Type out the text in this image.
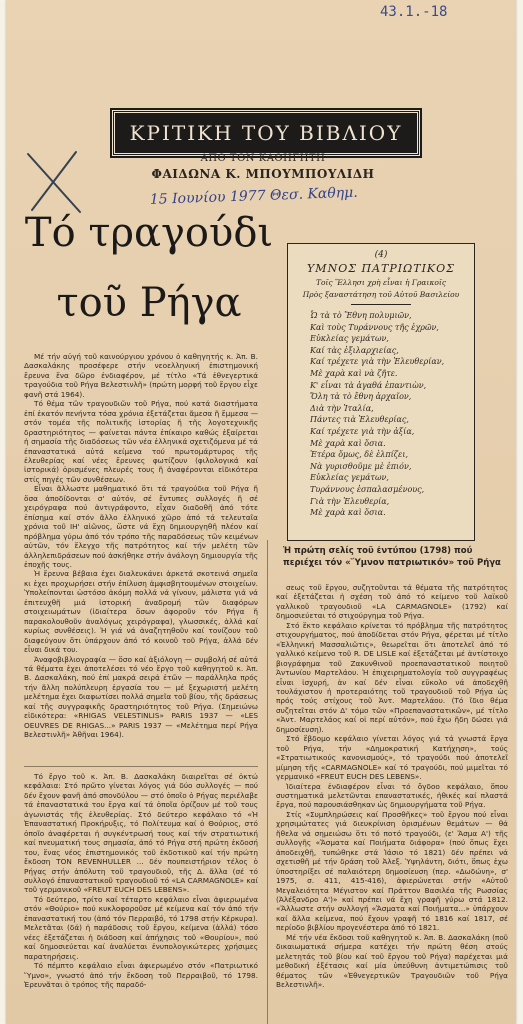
43.1.-18
ΚΡΙΤΙΚΗ ΤΟΥ ΒΙΒΛΙΟΥ
ΑΠΟ ΤΟΝ ΚΑΘΗΓΗΤΗ
ΦΑΙΔΩΝΑ Κ. ΜΠΟΥΜΠΟΥΛΙΔΗ
15 Ιουνίου 1977 Θεσ. Καθημ.
Τό τραγούδι
τοῦ Ρήγα
(4)
ΥΜΝΟΣ ΠΑΤΡΙΩΤΙΚΟΣ
Τοῖς Ἕλλησι χρὴ εἶναι ἡ Γραικοῖς
Πρὸς ξαναστάτηση τοῦ Αὐτοῦ Βασιλείου
Ὦ τὰ τὸ Ἔθνη πολυμιῶν,
Καὶ τοὺς Τυράννους τῆς ἐχρῶν,
Εὐκλείας γεμάτων,
Καί τὰς ἐξιλαρχιείας,
Καί τρέχετε γιὰ τὴν Ἐλευθερίαν,
Μὲ χαρὰ καὶ νὰ ζῆτε.
Κ' εἶναι τὰ ἀγαθά ἐπαντιὼν,
Ὅλη τὰ τὸ ἔθνη ἀρχαῖον,
Διὰ τὴν Ἰταλία,
Πάντες τιὰ Ἐλευθερίας,
Καί τρέχετε γιὰ τὴν ἀξία,
Μὲ χαρὰ καὶ ὅσια.
Ἐτέρα ὅμως, δὲ ἐλπίζει,
Νὰ γυρισθοῦμε μὲ ἐπιόν,
Εὐκλείας γεμάτων,
Τυράννους ἐσπαλασμένους,
Γιὰ τὴν Ἐλευθερία,
Μὲ χαρὰ καὶ ὅσια.
Ἡ πρώτη σελίς τοῦ ἐντύπου (1798) πού περιέχει τόν «Ὕμνον πατριωτικόν» τοῦ Ρήγα

Μέ τήν αὐγή τοῦ καινούργιου χρόνου ὁ καθηγητής κ. Ἀπ. Β. Δασκαλάκης προσέφερε στήν νεοελληνική ἐπιστημονική ἔρευνα ἕνα δῶρο ἐνδιαφέρον, μέ τίτλο «Τά ἐθνεγερτικά τραγούδια τοῦ Ρήγα Βελεστινλῆ» (πρώτη μορφή τοῦ ἔργου εἶχε φανῆ στά 1964).

Τό θέμα τῶν τραγουδιῶν τοῦ Ρήγα, πού κατά διαστήματα ἐπί ἑκατόν πενήντα τόσα χρόνια ἐξετάζεται ἄμεσα ἤ ἔμμεσα — στόν τομέα τῆς πολιτικῆς ἱστορίας ἤ τῆς λογοτεχνικῆς δραστηριότητος — φαίνεται πάντα ἐπίκαιρο καθώς ἐξαίρεται ἡ σημασία τῆς διαδόσεως τῶν νέα ἐλληνικά σχετιζόμενα μέ τά ἐπαναστατικά αὐτά κείμενα τού πρωτομάρτυρος τῆς ἐλευθερίας καί νέες ἔρευνες φωτίζουν (φιλολογικά καί ἱστορικά) ὁρισμένες πλευρές τους ἤ ἀναφέρονται εἰδικότερα στίς πηγές τῶν συνθέσεων.

Εἶναι ἄλλωστε μαθηματικό ὅτι τά τραγούδια τοῦ Ρήγα ἤ ὅσα ἀποδίδονται σ' αὐτόν, σέ ἔντυπες συλλογές ἤ σέ χειρόγραφα πού ἀντιγράφοντο, εἶχαν διαδοθῆ ἀπό τότε ἐπίσημα καί στόν ἄλλο ἑλληνικό χῶρο ἀπό τά τελευταῖα χρόνια τοῦ ΙΗ' αἰῶνος, ὥστε νά ἔχη δημιουργηθῆ πλέον καί πρόβλημα γύρω ἀπό τόν τρόπο τῆς παραδόσεως τῶν κειμένων αὐτῶν, τόν ἔλεγχο τῆς πατρότητος καί τήν μελέτη τῶν ἀλληλεπιδράσεων πού ἀσκήθηκε στήν ἀνάλογη δημιουργία τῆς ἐποχῆς τους.

Ἡ ἔρευνα βέβαια ἐχει διαλευκάνει ἀρκετά σκοτεινά σημεῖα κι ἐχει προχωρήσει στήν ἐπίλυση ἀμφισβητουμένων στοιχείων. Ὑπολείπονται ὡστόσο ἀκόμη πολλά νά γίνουν, μάλιστα γιά νά ἐπιτευχθῆ μιά ἱστορική ἀναδρομή τῶν διαφόρων στοιχειωμάτων (ἰδιαίτερα ὅσων ἀφοροῦν τόν Ρήγα ἤ παρακολουθοῦν ἀναλόγως χειρόγραφα), γλωσσικές, ἀλλά καί κυρίως συνθέσεις). Ἡ γιά νά ἀναζητηθοῦν καί τονίζουν τοῦ διαφεύγουν ὅτι ὑπάρχουν ἀπό τό κοινοῦ τοῦ Ρήγα, ἀλλά δέν εἶναι δικά του.

Ἀναφοβιβλιογραφία — ὅσο καί ἀξιόλογη — συμβολή σέ αὐτά τά θέματα ἐχει ἀποτελέσει τό νέο ἔργο τοῦ καθηγητοῦ κ. Ἀπ. Β. Δασκαλάκη, πού ἐπί μακρά σειρά ἐτῶν — παράλληλα πρός τήν ἄλλη πολύπλευρη ἐργασία του — μέ ξεχωριστή μελέτη μελέτημα ἐχει διαφωτίσει πολλά σημεῖα τοῦ βίου, τῆς δράσεως καί τῆς συγγραφικῆς δραστηριότητος τοῦ Ρήγα. (Σημειώνω εἰδικότερα: «RHIGAS VELESTINLIS» PARIS 1937 — «LES OEUVRES DE RHIGAS...» PARIS 1937 — «Μελέτημα περί Ρήγα Βελεστινλῆ» Ἀθῆναι 1964).

Τό ἔργο τοῦ κ. Ἀπ. Β. Δασκαλάκη διαιρεῖται σέ ὀκτώ κεφάλαια: Στό πρῶτο γίνεται λόγος γιά δύο συλλογές — πού δέν ἔχουν φανῆ ἀπό σπονδύλου — στό ὁποῖο ὁ Ρήγας περιέλαβε τά ἐπαναστατικά του ἔργα καί τά ὁποῖα ὁρίζουν μέ τοῦ τους ἀγωνιστάς τῆς ἐλευθερίας. Στό δεύτερο κεφάλαιο τό «Ἡ Ἐπαναστατική Προκήρυξις, τό Πολίτευμα καί ὁ Θούριος, στό ὁποῖο ἀναφέρεται ἡ συγκέντρωσή τους καί τήν στρατιωτική καί πνευματική τους σημασία, ἀπό τό Ρήγα στή πρώτη ἐκδοσή του, ἕνας νέος ἐπιστημονικός τοῦ ἐκδοτικοῦ καί τήν πρώτη ἔκδοση TON REVENHULLER ... δέν πουπειστήριον τέλος ὁ Ρήγας στήν ἀπόλυτη τοῦ τραγουδιοῦ, τῆς Δ. ἄλλα (σέ τό συλλογό ἐπαναστατικοῦ τραγουδιοῦ τό «LA CARMAGNOLE» καί τοῦ γερμανικοῦ «FREUT EUCH DES LEBENS».

Τό δεύτερο, τρίτο καί τέταρτο κεφάλαιο εἶναι ἀφιερωμένα στόν «Θούριο» πού κυκλοφοροῦσε μέ κείμενα καί τόν ἀπό τήν ἐπαναστατική του (ἀπό τόν Περραιβό, τό 1798 στήν Κέρκυρα). Μελετᾶται (δά) ἡ παράδοσις τοῦ ἔργου, κείμενα (ἀλλά) τόσο νέες ἐξετάζεται ἡ διάδοση καί ἀπήχησις τοῦ «Θουρίου», πού καί δημοσιεύεται καί ἀναλύεται ἐνυπολογικώτερες χρήσιμες παρατηρήσεις.

Τό πέμπτο κεφάλαιο εἶναι ἀφιερωμένο στόν «Πατριωτικό Ὕμνο», γνωστό ἀπό τήν ἔκδοση τοῦ Περραιβοῦ, τό 1798. Ἐρευνᾶται ὁ τρόπος τῆς παραδό-

σεως τοῦ ἔργου, συζητοῦνται τά θέματα τῆς πατρότητος καί ἐξετάζεται ἡ σχέση τοῦ ἀπό τό κείμενο τοῦ λαϊκοῦ γαλλικοῦ τραγουδιοῦ «LA CARMAGNOLE» (1792) καί δημοσιεύεται τό στιχούργημα τοῦ Ρήγα.

Στό ἕκτο κεφάλαιο κρίνεται τό πρόβλημα τῆς πατρότητος στιχουργήματος, πού ἀποδίδεται στόν Ρήγα, φέρεται μέ τίτλο «Ἑλληνική Μασσαλιῶτις», θεωρεῖται ὅτι ἀποτελεῖ ἀπό τό γαλλικό κείμενο τοῦ R. DE LISLE καί ἐξετάζεται μέ ἀντίστοιχο βιογράφημα τοῦ Ζακυνθινοῦ προεπαναστατικοῦ ποιητοῦ Ἀντωνίου Μαρτελάου. Ἡ ἐπιχειρηματολογία τοῦ συγγραφέως εἶναι ἰσχυρή, ἀν καί δέν εἶναι εὔκολο νά ἀποδεχθῆ τουλάχιστον ἡ προτεραιότης τοῦ τραγουδιοῦ τοῦ Ρήγα ὡς πρός τούς στίχους τοῦ Ἀντ. Μαρτελάου. (Τό ἴδιο θέμα συζητεῖται στόν Δ' τόμο τῶν «Προεπαναστατικῶν», μέ τίτλο «Ἀντ. Μαρτελάος καί οἱ περί αὐτόν», πού ἔχω ἤδη δώσει γιά δημοσίευση).

Στό ἕβδομο κεφάλαιο γίνεται λόγος γιά τά γνωστά ἔργα τοῦ Ρήγα, τήν «Δημοκρατική Κατήχηση», τούς «Στρατιωτικούς κανονισμούς», τό τραγούδι πού ἀποτελεῖ μίμηση τῆς «CARMAGNOLE» καί τό τραγούδι, πού μιμεῖται τό γερμανικό «FREUT EUCH DES LEBENS».

Ἰδιαίτερα ἐνδιαφέρον εἶναι τό ὄγδοο κεφάλαιο, ὅπου συστηματικά μελετῶνται επαναστατικές, ἠθικές καί πλαστά ἔργα, πού παρουσιάσθηκαν ὡς δημιουργήματα τοῦ Ρήγα.

Στίς «Συμπληρώσεις καί Προσθῆκες» τοῦ ἔργου πού εἶναι χρησιμώτατες γιά διευκρίνιση ὁρισμένων θεμάτων — θά ἤθελα νά σημειώσω ὅτι τό ποτό τραγούδι, (ε' Ἄσμα Α') τῆς συλλογῆς «Ἄσματα καί Ποιήματα διάφορα» (πού ὅπως ἔχει ἀποδειχθῆ, τυπώθηκε στά Ἰάσιο τό 1821) δέν πρέπει νά σχετισθῆ μέ τήν δράση τοῦ Ἀλεξ. Ὑψηλάντη, διότι, ὅπως ἐχω ὑποστηρίξει σέ παλαιότερη δημοσίευση (περ. «Δωδώνη», σ' 1975, σ. 411, 415-416), ἀφιερώνεται στήν «Αὐτοῦ Μεγαλειότητα Μέγιστον καί Πράττον Βασιλέα τῆς Ρωσσίας (Ἀλέξανδρο Α')» καί πρέπει νά ἔχη γραφῆ γύρω στά 1812. «Ἄλλωστε στήν συλλογή «Ἄσματα καί Ποιήματα...» ὑπάρχουν καί ἄλλα κείμενα, πού ἔχουν γραφῆ τό 1816 καί 1817, σέ περίοδο βιβλίου προγενέστερα ἀπό τό 1821.

Μέ τήν νέα ἔκδοσι τοῦ καθηγητοῦ κ. Ἀπ. Β. Δασκαλάκη (ποῦ δικαιωματικά σήμερα κατέχει τήν πρώτη θέση στούς μελετητάς τοῦ βίου καί τοῦ ἔργου τοῦ Ρήγα) παρέχεται μιά μεθοδική ἐξέτασις καί μία ὑπεύθυνη ἀντιμετώπισις τοῦ θέματος τῶν «Ἐθνεγερτικῶν Τραγουδιῶν τοῦ Ρήγα Βελεστινλῆ».
